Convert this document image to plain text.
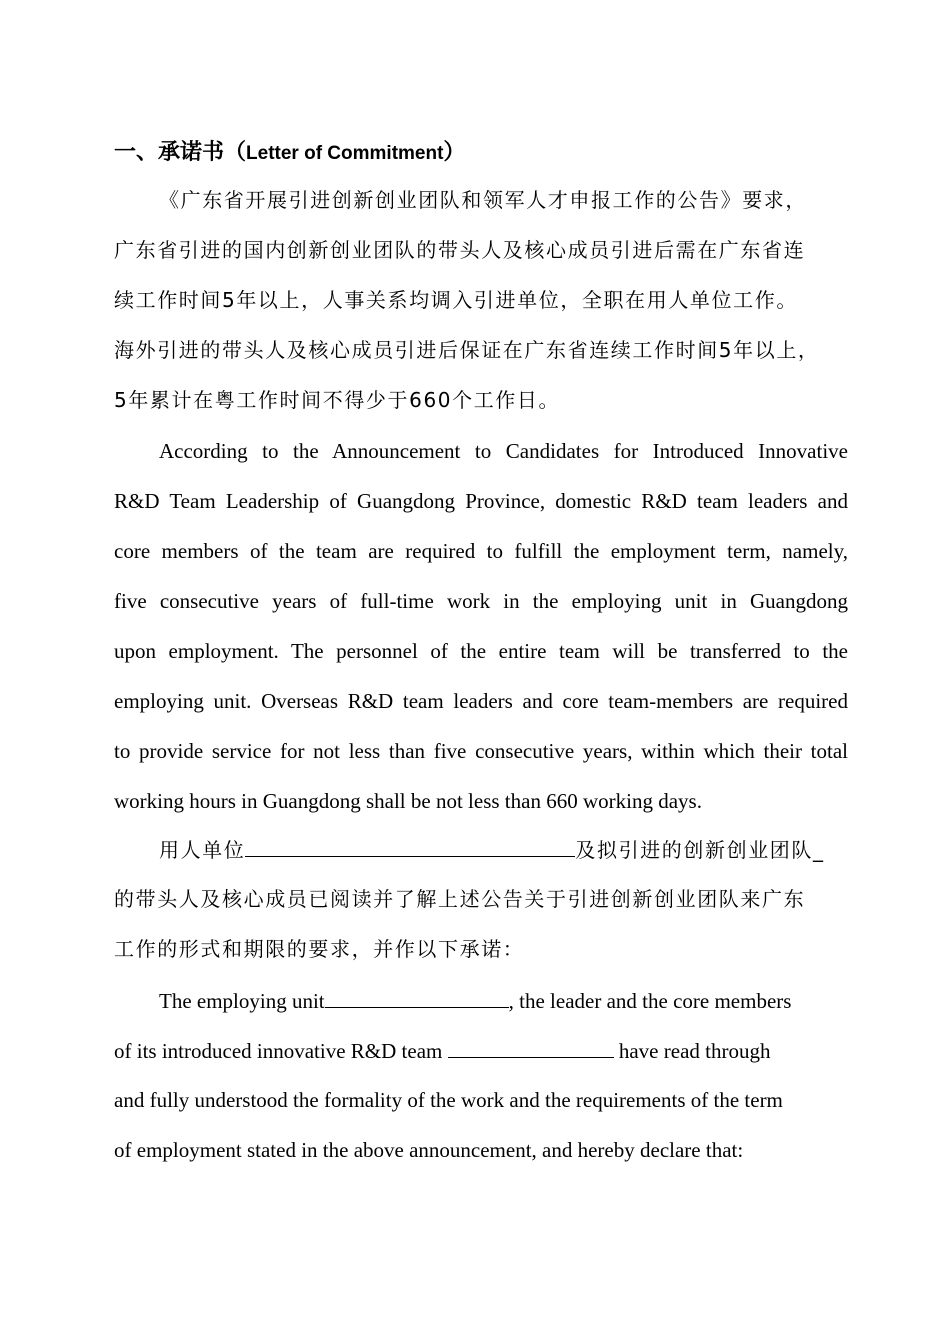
一、承诺书（Letter of Commitment）
《广东省开展引进创新创业团队和领军人才申报工作的公告》要求，
广东省引进的国内创新创业团队的带头人及核心成员引进后需在广东省连
续工作时间5年以上，人事关系均调入引进单位，全职在用人单位工作。
海外引进的带头人及核心成员引进后保证在广东省连续工作时间5年以上，
5年累计在粤工作时间不得少于660个工作日。
According to the Announcement to Candidates for Introduced Innovative
R&D Team Leadership of Guangdong Province, domestic R&D team leaders and
core members of the team are required to fulfill the employment term, namely,
five consecutive years of full-time work in the employing unit in Guangdong
upon employment. The personnel of the entire team will be transferred to the
employing unit. Overseas R&D team leaders and core team-members are required
to provide service for not less than five consecutive years, within which their total
working hours in Guangdong shall be not less than 660 working days.
用人单位	及拟引进的创新创业团队_
的带头人及核心成员已阅读并了解上述公告关于引进创新创业团队来广东
工作的形式和期限的要求，并作以下承诺：
The employing unit	, the leader and the core members
of its introduced innovative R&D team	have read through
and fully understood the formality of the work and the requirements of the term
of employment stated in the above announcement, and hereby declare that:
